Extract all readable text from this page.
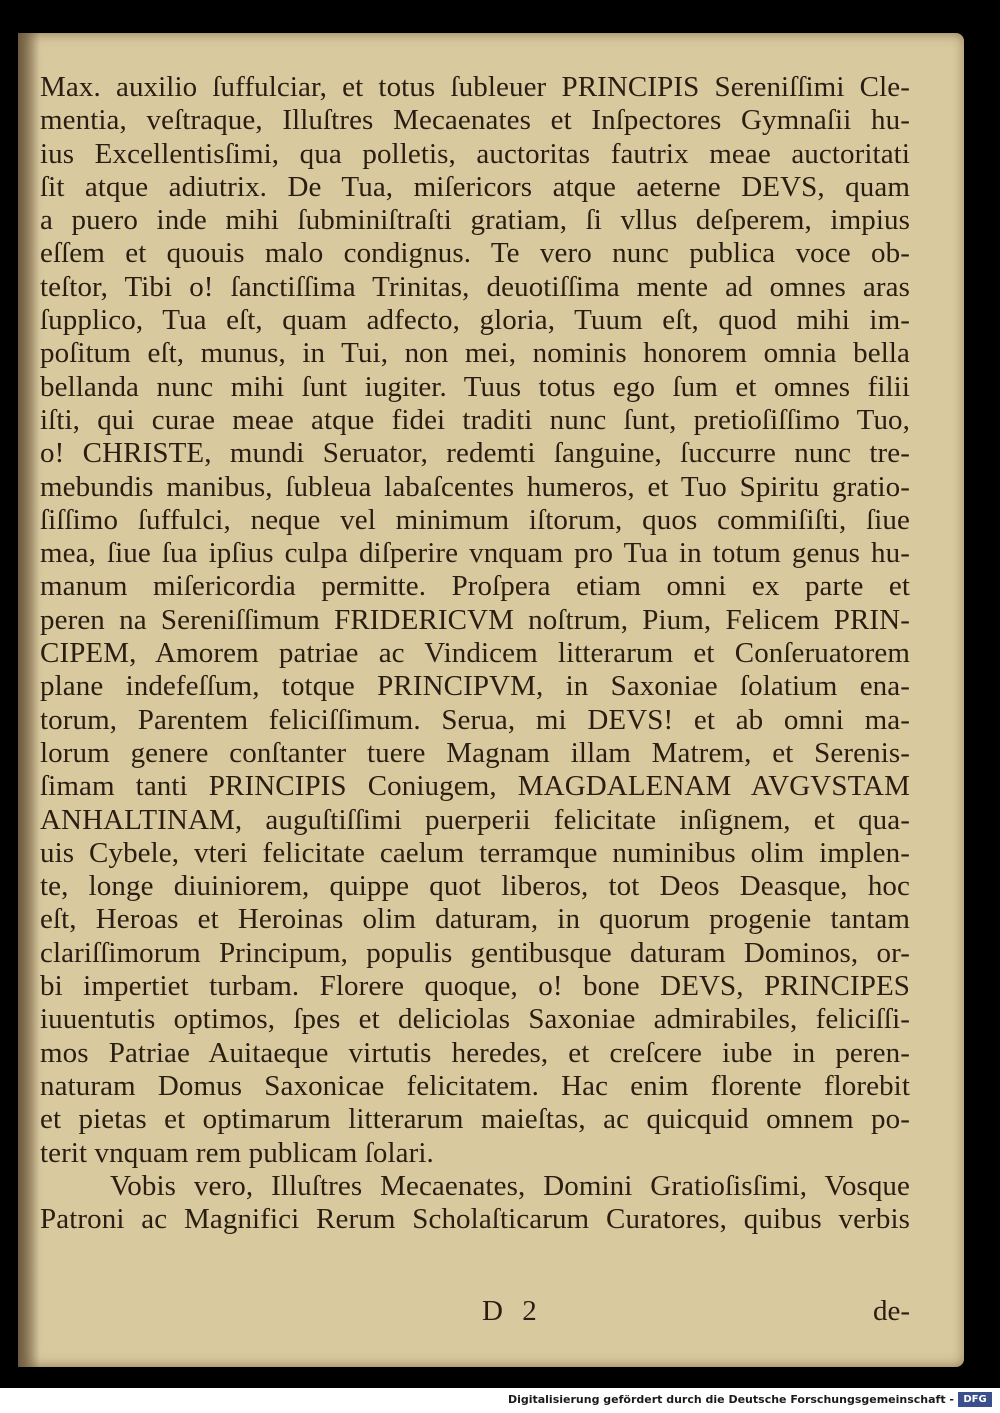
Max. auxilio ſuffulciar, et totus ſubleuer PRINCIPIS Sereniſſimi Cle-
mentia, veſtraque, Illuſtres Mecaenates et Inſpectores Gymnaſii hu-
ius Excellentisſimi, qua polletis, auctoritas fautrix meae auctoritati
ſit atque adiutrix. De Tua, miſericors atque aeterne DEVS, quam
a puero inde mihi ſubminiſtraſti gratiam, ſi vllus deſperem, impius
eſſem et quouis malo condignus. Te vero nunc publica voce ob-
teſtor, Tibi o! ſanctiſſima Trinitas, deuotiſſima mente ad omnes aras
ſupplico, Tua eſt, quam adfecto, gloria, Tuum eſt, quod mihi im-
poſitum eſt, munus, in Tui, non mei, nominis honorem omnia bella
bellanda nunc mihi ſunt iugiter. Tuus totus ego ſum et omnes filii
iſti, qui curae meae atque fidei traditi nunc ſunt, pretioſiſſimo Tuo,
o! CHRISTE, mundi Seruator, redemti ſanguine, ſuccurre nunc tre-
mebundis manibus, ſubleua labaſcentes humeros, et Tuo Spiritu gratio-
ſiſſimo ſuffulci, neque vel minimum iſtorum, quos commiſiſti, ſiue
mea, ſiue ſua ipſius culpa diſperire vnquam pro Tua in totum genus hu-
manum miſericordia permitte. Proſpera etiam omni ex parte et
peren na Sereniſſimum FRIDERICVM noſtrum, Pium, Felicem PRIN-
CIPEM, Amorem patriae ac Vindicem litterarum et Conſeruatorem
plane indefeſſum, totque PRINCIPVM, in Saxoniae ſolatium ena-
torum, Parentem feliciſſimum. Serua, mi DEVS! et ab omni ma-
lorum genere conſtanter tuere Magnam illam Matrem, et Serenis-
ſimam tanti PRINCIPIS Coniugem, MAGDALENAM AVGVSTAM
ANHALTINAM, auguſtiſſimi puerperii felicitate inſignem, et qua-
uis Cybele, vteri felicitate caelum terramque numinibus olim implen-
te, longe diuiniorem, quippe quot liberos, tot Deos Deasque, hoc
eſt, Heroas et Heroinas olim daturam, in quorum progenie tantam
clariſſimorum Principum, populis gentibusque daturam Dominos, or-
bi impertiet turbam. Florere quoque, o! bone DEVS, PRINCIPES
iuuentutis optimos, ſpes et deliciolas Saxoniae admirabiles, feliciſſi-
mos Patriae Auitaeque virtutis heredes, et creſcere iube in peren-
naturam Domus Saxonicae felicitatem. Hac enim florente florebit
et pietas et optimarum litterarum maieſtas, ac quicquid omnem po-
terit vnquam rem publicam ſolari.
Vobis vero, Illuſtres Mecaenates, Domini Gratioſisſimi, Vosque
Patroni ac Magnifici Rerum Scholaſticarum Curatores, quibus verbis
D 2	de-
Digitalisierung gefördert durch die Deutsche Forschungsgemeinschaft - DFG
